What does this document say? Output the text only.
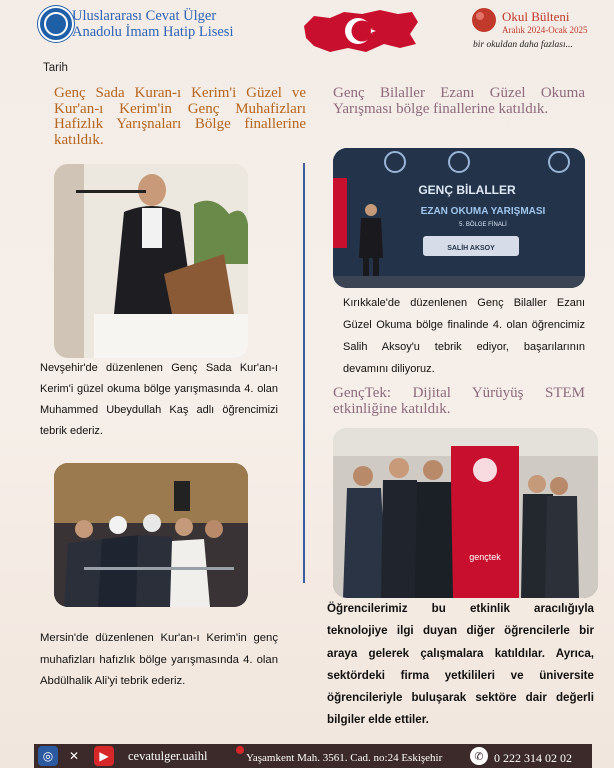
Uluslararası Cevat Ülger
Anadolu İmam Hatip Lisesi
Okul Bülteni
Aralık 2024-Ocak 2025
bir okuldan daha fazlası...
Tarih
Genç Sada Kuran-ı Kerim'i Güzel ve Kur'an-ı Kerim'in Genç Muhafizları Hafizlık Yarışnaları Bölge finallerine katıldık.
Nevşehir'de düzenlenen Genç Sada Kur'an-ı Kerim'i güzel okuma bölge yarışmasında 4. olan Muhammed Ubeydullah Kaş adlı öğrencimizi tebrik ederiz.
Mersin'de düzenlenen Kur'an-ı Kerim'in genç muhafizları hafızlık bölge yarışmasında 4. olan Abdülhalik Ali'yi tebrik ederiz.
Genç Bilaller Ezanı Güzel Okuma Yarışması bölge finallerine katıldık.
GENÇ BİLALLER
EZAN OKUMA YARIŞMASI
5. BÖLGE FİNALİ
SALİH AKSOY
Kırıkkale'de düzenlenen Genç Bilaller Ezanı Güzel Okuma bölge finalinde 4. olan öğrencimiz Salih Aksoy'u tebrik ediyor, başarılarının devamını diliyoruz.
GençTek: Dijital Yürüyüş STEM etkinliğine katıldık.
gençtek
Öğrencilerimiz bu etkinlik aracılığıyla teknolojiye ilgi duyan diğer öğrencilerle bir araya gelerek çalışmalara katıldılar. Ayrıca, sektördeki firma yetkilileri ve üniversite öğrencileriyle buluşarak sektöre dair değerli bilgiler elde ettiler.
◎	✕	▶	cevatulger.uaihl	Yaşamkent Mah. 3561. Cad. no:24 Eskişehir	✆ 0 222 314 02 02
